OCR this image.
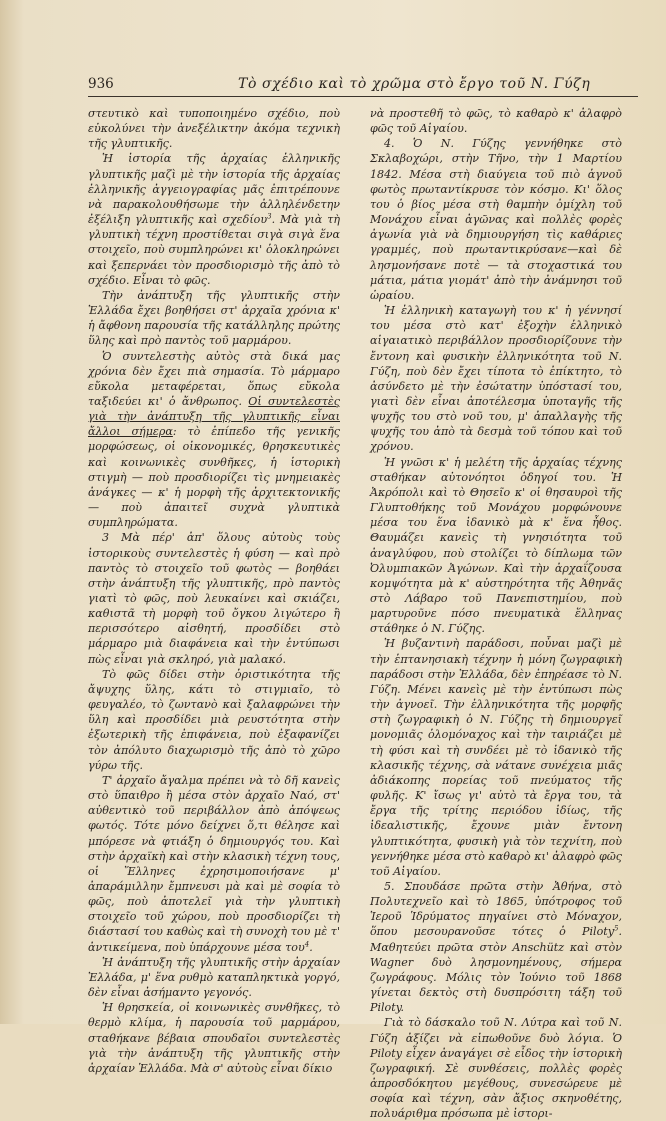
936	Τὸ σχέδιο καὶ τὸ χρῶμα στὸ ἔργο τοῦ Ν. Γύζη

στευτικὸ καὶ τυποποιημένο σχέδιο, ποὺ εὐκολύνει τὴν ἀνεξέλικτην ἀκόμα τεχνικὴ τῆς γλυπτικῆς.

Ἡ ἱστορία τῆς ἀρχαίας ἑλληνικῆς γλυπτικῆς μαζὶ μὲ τὴν ἱστορία τῆς ἀρχαίας ἑλληνικῆς ἀγγειογραφίας μᾶς ἐπιτρέπουνε νὰ παρακολουθήσωμε τὴν ἀλληλένδετην ἐξέλιξη γλυπτικῆς καὶ σχεδίου$^3$. Μὰ γιὰ τὴ γλυπτικὴ τέχνη προστίθεται σιγὰ σιγὰ ἕνα στοιχεῖο, ποὺ συμπληρώνει κι' ὁλοκληρώνει καὶ ξεπερνάει τὸν προσδιορισμὸ τῆς ἀπὸ τὸ σχέδιο. Εἶναι τὸ φῶς.

Τὴν ἀνάπτυξη τῆς γλυπτικῆς στὴν Ἑλλάδα ἔχει βοηθήσει στ' ἀρχαῖα χρόνια κ' ἡ ἄφθονη παρουσία τῆς κατάλληλης πρώτης ὕλης καὶ πρὸ παντὸς τοῦ μαρμάρου.

Ὁ συντελεστὴς αὐτὸς στὰ δικά μας χρόνια δὲν ἔχει πιὰ σημασία. Τὸ μάρμαρο εὔκολα μεταφέρεται, ὅπως εὔκολα ταξιδεύει κι' ὁ ἄνθρωπος. Οἱ συντελεστὲς γιὰ τὴν ἀνάπτυξη τῆς γλυπτικῆς εἶναι ἄλλοι σήμερα: τὸ ἐπίπεδο τῆς γενικῆς μορφώσεως, οἱ οἰκονομικές, θρησκευτικὲς καὶ κοινωνικὲς συνθῆκες, ἡ ἱστορικὴ στιγμὴ — ποὺ προσδιορίζει τὶς μνημειακὲς ἀνάγκες — κ' ἡ μορφὴ τῆς ἀρχιτεκτονικῆς — ποὺ ἀπαιτεῖ συχνὰ γλυπτικὰ συμπληρώματα.

3 Μὰ πέρ' ἀπ' ὅλους αὐτοὺς τοὺς ἱστορικοὺς συντελεστὲς ἡ φύση — καὶ πρὸ παντὸς τὸ στοιχεῖο τοῦ φωτὸς — βοηθάει στὴν ἀνάπτυξη τῆς γλυπτικῆς, πρὸ παντὸς γιατὶ τὸ φῶς, ποὺ λευκαίνει καὶ σκιάζει, καθιστᾶ τὴ μορφὴ τοῦ ὄγκου λιγώτερο ἢ περισσότερο αἰσθητή, προσδίδει στὸ μάρμαρο μιὰ διαφάνεια καὶ τὴν ἐντύπωσι πὼς εἶναι γιὰ σκληρό, γιὰ μαλακό.

Τὸ φῶς δίδει στὴν ὁριστικότητα τῆς ἄψυχης ὕλης, κάτι τὸ στιγμιαῖο, τὸ φευγαλέο, τὸ ζωντανὸ καὶ ξαλαφρώνει τὴν ὕλη καὶ προσδίδει μιὰ ρευστότητα στὴν ἐξωτερικὴ τῆς ἐπιφάνεια, ποὺ ἐξαφανίζει τὸν ἀπόλυτο διαχωρισμὸ τῆς ἀπὸ τὸ χῶρο γύρω τῆς.

Τ' ἀρχαῖο ἄγαλμα πρέπει νὰ τὸ δῆ κανεὶς στὸ ὕπαιθρο ἢ μέσα στὸν ἀρχαῖο Ναό, στ' αὐθεντικὸ τοῦ περιβάλλον ἀπὸ ἀπόψεως φωτός. Τότε μόνο δείχνει ὅ,τι θέλησε καὶ μπόρεσε νὰ φτιάξη ὁ δημιουργός του. Καὶ στὴν ἀρχαϊκὴ καὶ στὴν κλασικὴ τέχνη τους, οἱ Ἕλληνες ἐχρησιμοποιήσανε μ' ἀπαράμιλλην ἔμπνευσι μὰ καὶ μὲ σοφία τὸ φῶς, ποὺ ἀποτελεῖ γιὰ τὴν γλυπτικὴ στοιχεῖο τοῦ χώρου, ποὺ προσδιορίζει τὴ διάστασί του καθὼς καὶ τὴ συνοχὴ του μὲ τ' ἀντικείμενα, ποὺ ὑπάρχουνε μέσα του$^4$.

Ἡ ἀνάπτυξη τῆς γλυπτικῆς στὴν ἀρχαίαν Ἑλλάδα, μ' ἕνα ρυθμὸ καταπληκτικὰ γοργό, δὲν εἶναι ἀσήμαντο γεγονός.

Ἡ θρησκεία, οἱ κοινωνικὲς συνθῆκες, τὸ θερμὸ κλίμα, ἡ παρουσία τοῦ μαρμάρου, σταθήκανε βέβαια σπουδαῖοι συντελεστὲς γιὰ τὴν ἀνάπτυξη τῆς γλυπτικῆς στὴν ἀρχαίαν Ἑλλάδα. Μὰ σ' αὐτοὺς εἶναι δίκιο

νὰ προστεθῆ τὸ φῶς, τὸ καθαρὸ κ' ἀλαφρὸ φῶς τοῦ Αἰγαίου.

4. Ὁ Ν. Γύζης γεννήθηκε στὸ Σκλαβοχώρι, στὴν Τῆνο, τὴν 1 Μαρτίου 1842. Μέσα στὴ διαύγεια τοῦ πιὸ ἁγνοῦ φωτὸς πρωταντίκρυσε τὸν κόσμο. Κι' ὅλος του ὁ βίος μέσα στὴ θαμπὴν ὀμίχλη τοῦ Μονάχου εἶναι ἀγῶνας καὶ πολλὲς φορὲς ἀγωνία γιὰ νὰ δημιουργήση τὶς καθάριες γραμμές, ποὺ πρωταντικρύσανε—καὶ δὲ λησμονήσανε ποτὲ — τὰ στοχαστικά του μάτια, μάτια γιομάτ' ἀπὸ τὴν ἀνάμνησι τοῦ ὡραίου.

Ἡ ἑλληνικὴ καταγωγὴ του κ' ἡ γέννησί του μέσα στὸ κατ' ἐξοχὴν ἑλληνικὸ αἰγαιατικὸ περιβάλλον προσδιορίζουνε τὴν ἔντονη καὶ φυσικὴν ἑλληνικότητα τοῦ Ν. Γύζη, ποὺ δὲν ἔχει τίποτα τὸ ἐπίκτητο, τὸ ἀσύνδετο μὲ τὴν ἐσώτατην ὑπόστασί του, γιατὶ δὲν εἶναι ἀποτέλεσμα ὑποταγῆς τῆς ψυχῆς του στὸ νοῦ του, μ' ἀπαλλαγὴς τῆς ψυχῆς του ἀπὸ τὰ δεσμὰ τοῦ τόπου καὶ τοῦ χρόνου.

Ἡ γνῶσι κ' ἡ μελέτη τῆς ἀρχαίας τέχνης σταθήκαν αὐτονόητοι ὁδηγοί του. Ἡ Ἀκρόπολι καὶ τὸ Θησεῖο κ' οἱ θησαυροὶ τῆς Γλυπτοθήκης τοῦ Μονάχου μορφώνουνε μέσα του ἕνα ἰδανικὸ μὰ κ' ἕνα ἦθος. Θαυμάζει κανεὶς τὴ γνησιότητα τοῦ ἀναγλύφου, ποὺ στολίζει τὸ δίπλωμα τῶν Ὀλυμπιακῶν Ἀγώνων. Καὶ τὴν ἀρχαΐζουσα κομψότητα μὰ κ' αὐστηρότητα τῆς Ἀθηνᾶς στὸ Λάβαρο τοῦ Πανεπιστημίου, ποὺ μαρτυροῦνε πόσο πνευματικὰ ἕλληνας στάθηκε ὁ Ν. Γύζης.

Ἡ βυζαντινὴ παράδοσι, ποὖναι μαζὶ μὲ τὴν ἑπτανησιακὴ τέχνην ἡ μόνη ζωγραφικὴ παράδοσι στὴν Ἑλλάδα, δὲν ἐπηρέασε τὸ Ν. Γύζη. Μένει κανεὶς μὲ τὴν ἐντύπωσι πὼς τὴν ἀγνοεῖ. Τὴν ἑλληνικότητα τῆς μορφῆς στὴ ζωγραφικὴ ὁ Ν. Γύζης τὴ δημιουργεῖ μονομιᾶς ὁλομόναχος καὶ τὴν ταιριάζει μὲ τὴ φύσι καὶ τὴ συνδέει μὲ τὸ ἰδανικὸ τῆς κλασικῆς τέχνης, σὰ νάτανε συνέχεια μιᾶς ἀδιάκοπης πορείας τοῦ πνεύματος τῆς φυλῆς. Κ' ἴσως γι' αὐτὸ τὰ ἔργα του, τὰ ἔργα τῆς τρίτης περιόδου ἰδίως, τῆς ἰδεαλιστικῆς, ἔχουνε μιὰν ἔντονη γλυπτικότητα, φυσικὴ γιὰ τὸν τεχνίτη, ποὺ γεννήθηκε μέσα στὸ καθαρὸ κι' ἀλαφρὸ φῶς τοῦ Αἰγαίου.

5. Σπουδάσε πρῶτα στὴν Ἀθήνα, στὸ Πολυτεχνεῖο καὶ τὸ 1865, ὑπότροφος τοῦ Ἱεροῦ Ἱδρύματος πηγαίνει στὸ Μόναχον, ὅπου μεσουρανοῦσε τότες ὁ Piloty$^5$. Μαθητεύει πρῶτα στὸν Anschütz καὶ στὸν Wagner δυὸ λησμονημένους, σήμερα ζωγράφους. Μόλις τὸν Ἰούνιο τοῦ 1868 γίνεται δεκτὸς στὴ δυσπρόσιτη τάξη τοῦ Piloty.

Γιὰ τὸ δάσκαλο τοῦ Ν. Λύτρα καὶ τοῦ Ν. Γύζη ἀξίζει νὰ εἰπωθοῦνε δυὸ λόγια. Ὁ Piloty εἶχεν ἀναγάγει σὲ εἶδος τὴν ἱστορικὴ ζωγραφική. Σὲ συνθέσεις, πολλὲς φορὲς ἀπροσδόκητου μεγέθους, συνεσώρευε μὲ σοφία καὶ τέχνη, σὰν ἄξιος σκηνοθέτης, πολυάριθμα πρόσωπα μὲ ἱστορι-
